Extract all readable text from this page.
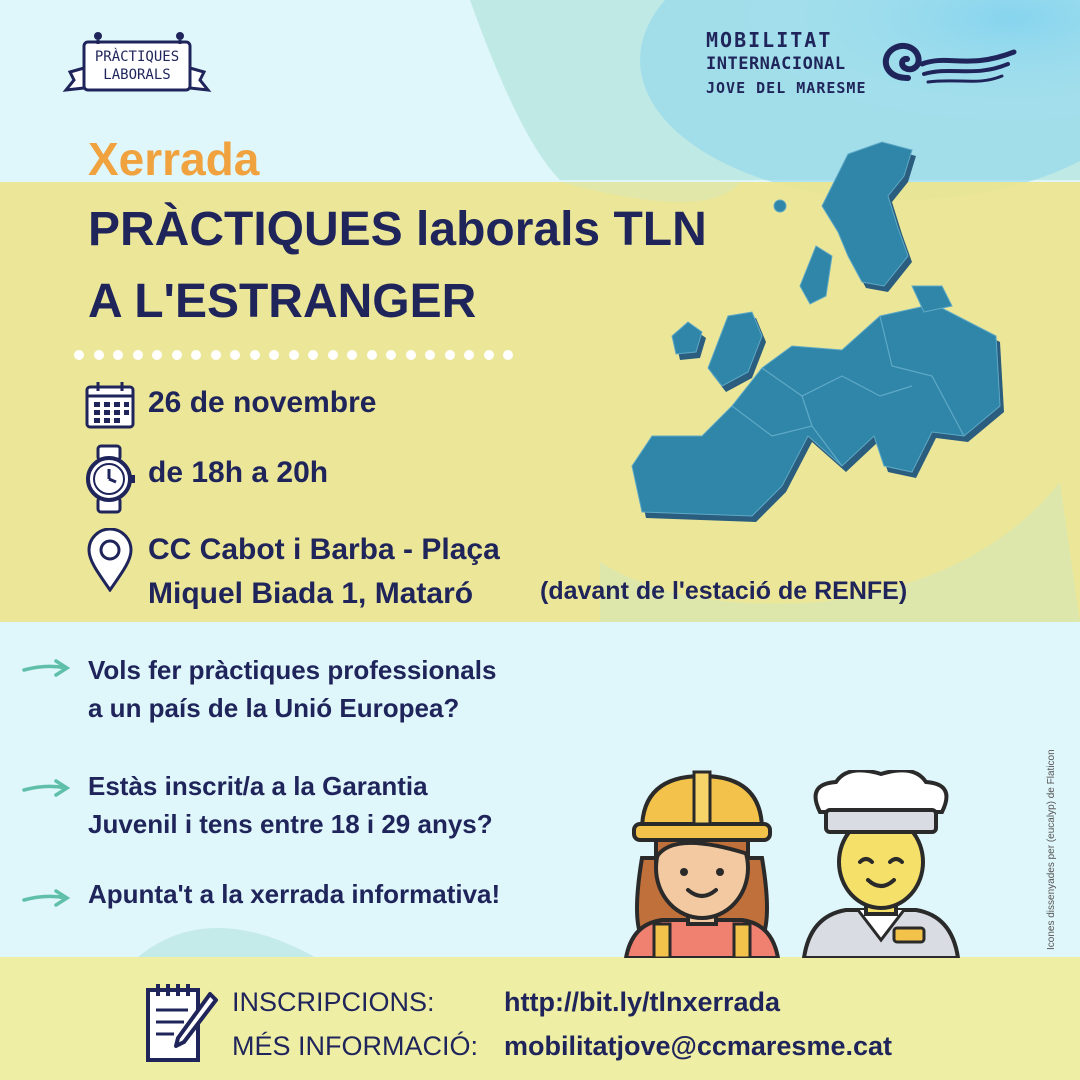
PRÀCTIQUES
LABORALS
MOBILITAT
INTERNACIONAL
JOVE DEL MARESME
Xerrada
PRÀCTIQUES laborals TLN
A L'ESTRANGER
26 de novembre
de 18h a 20h
CC Cabot i Barba - Plaça
Miquel Biada 1, Mataró	(davant de l'estació de RENFE)
Vols fer pràctiques professionals
a un país de la Unió Europea?
Estàs inscrit/a a la Garantia
Juvenil i tens entre 18 i 29 anys?
Apunta't a la xerrada informativa!	Icones dissenyades per (eucalyp) de Flaticon
INSCRIPCIONS:	http://bit.ly/tlnxerrada
MÉS INFORMACIÓ: mobilitatjove@ccmaresme.cat
